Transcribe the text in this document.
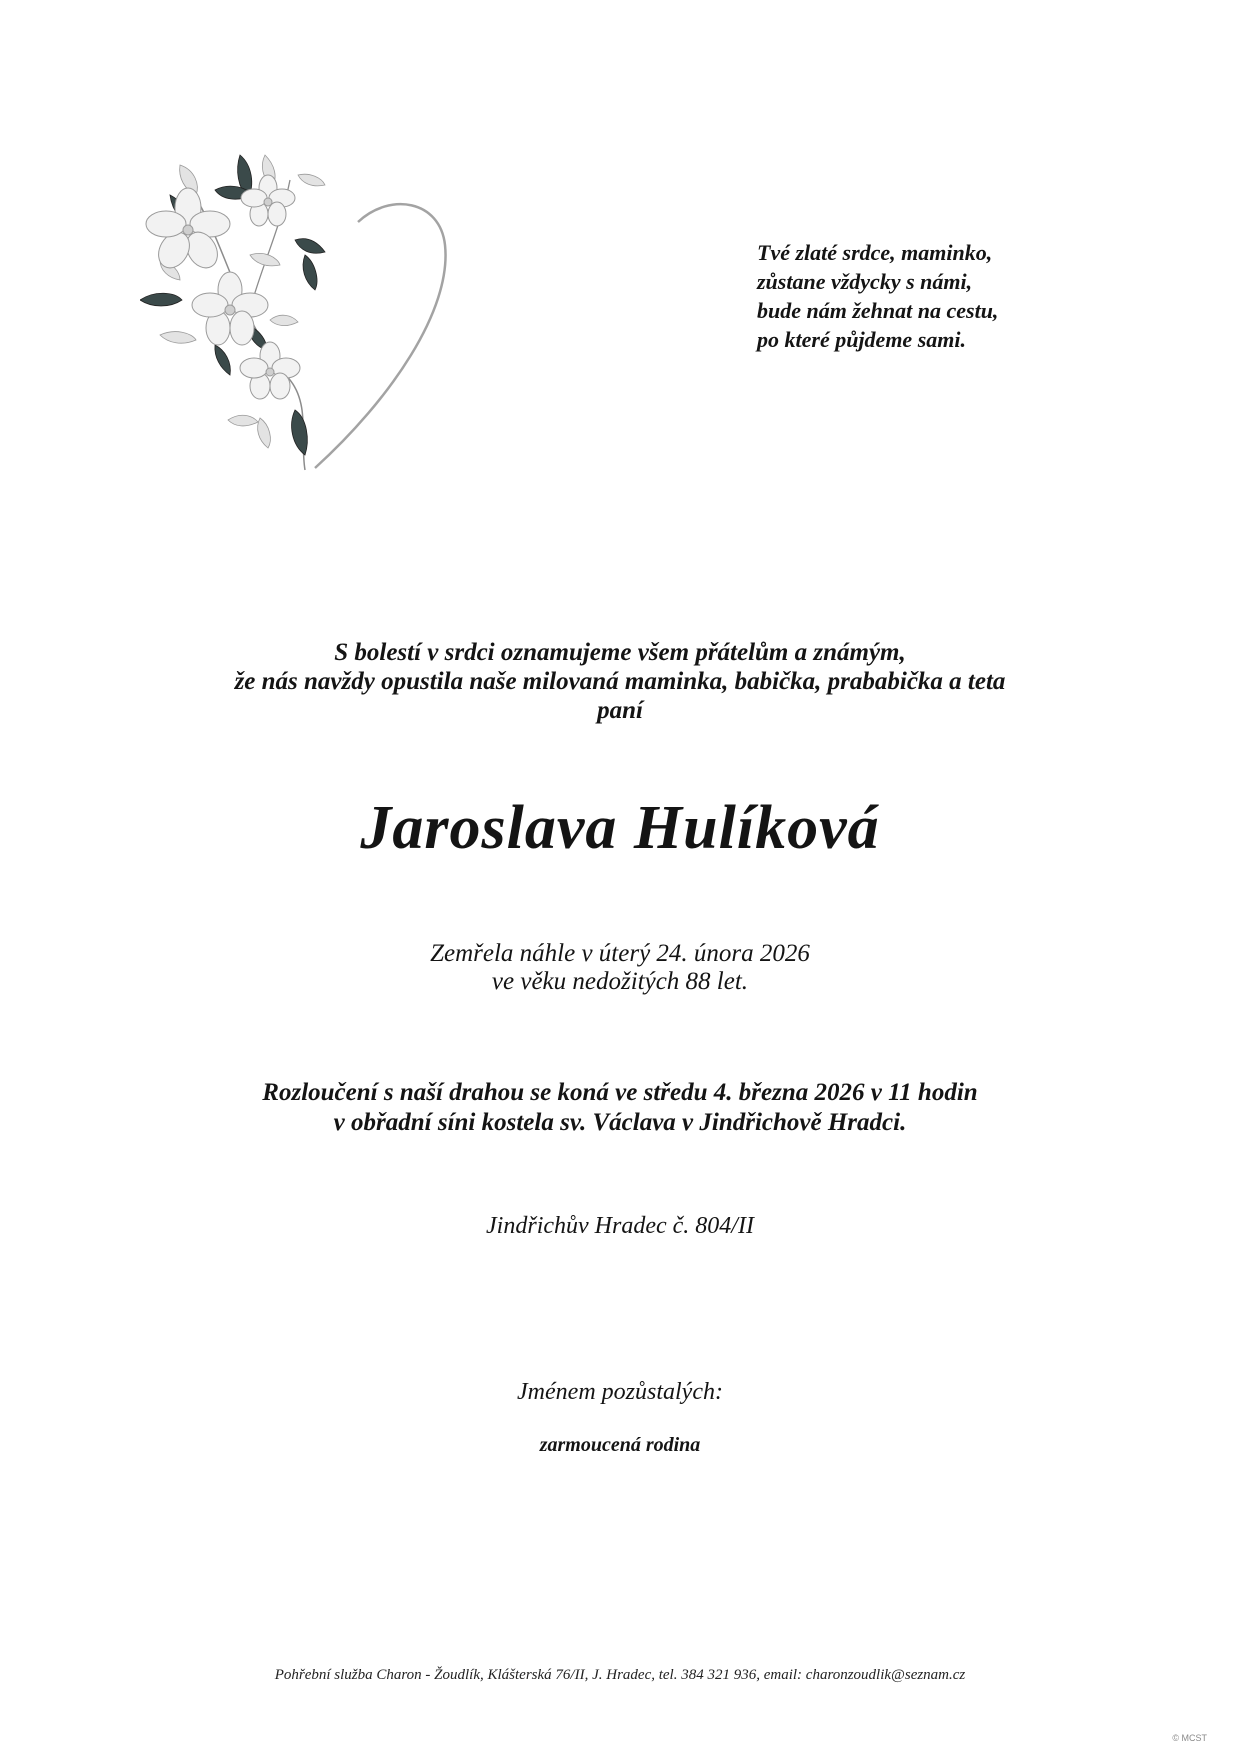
Tvé zlaté srdce, maminko,
zůstane vždycky s námi,
bude nám žehnat na cestu,
po které půjdeme sami.
S bolestí v srdci oznamujeme všem přátelům a známým,
že nás navždy opustila naše milovaná maminka, babička, prababička a teta
paní
Jaroslava Hulíková
Zemřela náhle v úterý 24. února 2026
ve věku nedožitých 88 let.
Rozloučení s naší drahou se koná ve středu 4. března 2026 v 11 hodin
v obřadní síni kostela sv. Václava v Jindřichově Hradci.
Jindřichův Hradec č. 804/II
Jménem pozůstalých:
zarmoucená rodina
Pohřební služba Charon - Žoudlík, Klášterská 76/II, J. Hradec, tel. 384 321 936, email: charonzoudlik@seznam.cz
© MCST
